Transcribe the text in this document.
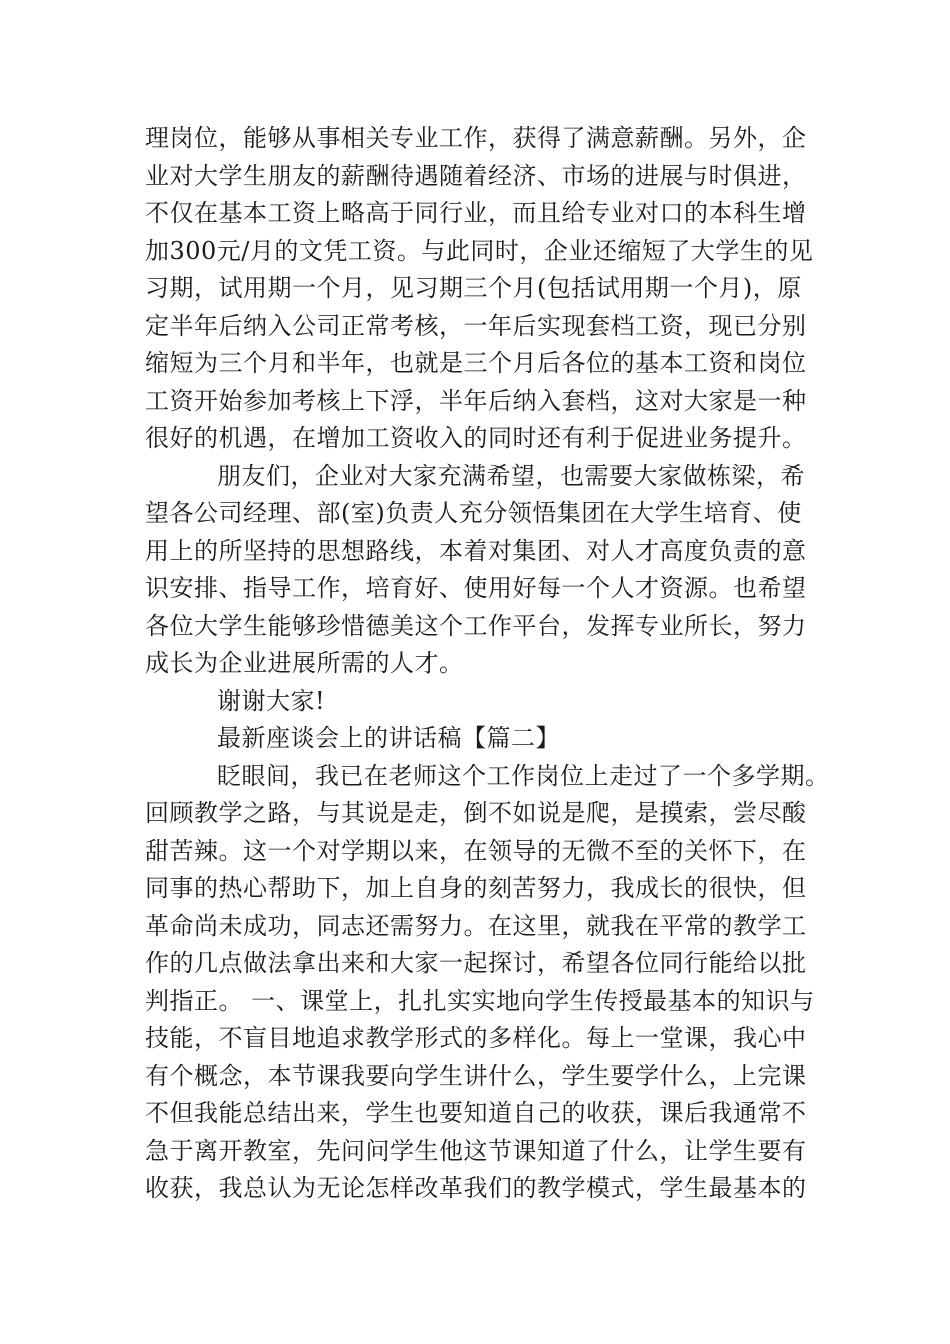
理岗位，能够从事相关专业工作，获得了满意薪酬。另外，企
业对大学生朋友的薪酬待遇随着经济、市场的进展与时俱进，
不仅在基本工资上略高于同行业，而且给专业对口的本科生增
加300元/月的文凭工资。与此同时，企业还缩短了大学生的见
习期，试用期一个月，见习期三个月(包括试用期一个月)，原
定半年后纳入公司正常考核，一年后实现套档工资，现已分别
缩短为三个月和半年，也就是三个月后各位的基本工资和岗位
工资开始参加考核上下浮，半年后纳入套档，这对大家是一种
很好的机遇，在增加工资收入的同时还有利于促进业务提升。
朋友们，企业对大家充满希望，也需要大家做栋梁，希
望各公司经理、部(室)负责人充分领悟集团在大学生培育、使
用上的所坚持的思想路线，本着对集团、对人才高度负责的意
识安排、指导工作，培育好、使用好每一个人才资源。也希望
各位大学生能够珍惜德美这个工作平台，发挥专业所长，努力
成长为企业进展所需的人才。
谢谢大家!
最新座谈会上的讲话稿【篇二】
眨眼间，我已在老师这个工作岗位上走过了一个多学期。
回顾教学之路，与其说是走，倒不如说是爬，是摸索，尝尽酸
甜苦辣。这一个对学期以来，在领导的无微不至的关怀下，在
同事的热心帮助下，加上自身的刻苦努力，我成长的很快，但
革命尚未成功，同志还需努力。在这里，就我在平常的教学工
作的几点做法拿出来和大家一起探讨，希望各位同行能给以批
判指正。 一、课堂上，扎扎实实地向学生传授最基本的知识与
技能，不盲目地追求教学形式的多样化。每上一堂课，我心中
有个概念，本节课我要向学生讲什么，学生要学什么，上完课
不但我能总结出来，学生也要知道自己的收获，课后我通常不
急于离开教室，先问问学生他这节课知道了什么，让学生要有
收获，我总认为无论怎样改革我们的教学模式，学生最基本的
